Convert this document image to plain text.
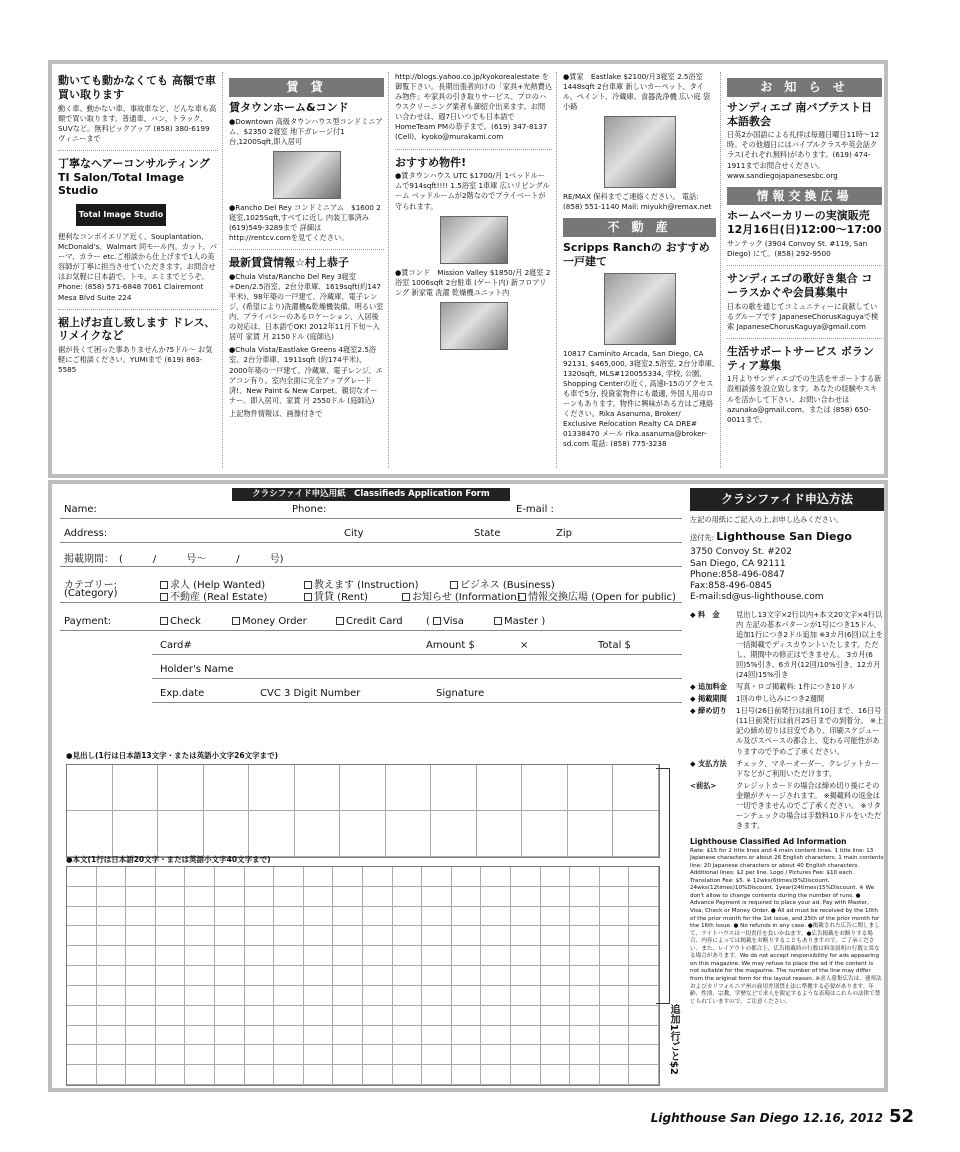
動いても動かなくても 高額で車買い取ります
動く車、動かない車、事故車など、どんな車も高額で買い取ります。普通車、バン、トラック、SUVなど。無料ピックアップ (858) 380-6199 ヴィニーまで
丁寧なヘアーコンサルティング TI Salon/Total Image Studio
Total Image Studio
便利なコンボイエリア近く、Souplantation、McDonald's、Walmart 同モール内。カット、パーマ、カラー etc.ご相談から仕上げまで1人の美容師が丁寧に担当させていただきます。お問合せはお気軽に日本語で。トモ、エミまでどうぞ。Phone: (858) 571-6848 7061 Clairemont Mesa Blvd Suite 224
裾上げお直し致します ドレス､リメイクなど
裾が長くて困った事ありませんか?5ドル〜 お気軽にご相談ください。YUMIまで (619) 863-5585
賃 貸
賃タウンホーム&コンド
●Downtown 高級タウンハウス型コンドミニアム、$2350 2寝室 地下ガレージ付1台,1200Sqft,即入居可
●Rancho Del Rey コンドミニアム　$1600 2寝室,1025Sqft,すべてに近し 内装工事済み　(619)549-3289まで 詳細は http://rentcv.comを見てください。
最新賃貸情報☆村上恭子
●Chula Vista/Rancho Del Rey 3寝室+Den/2.5浴室、2台分車庫、1619sqft(約147平米)、98年築の一戸建て、冷蔵庫、電子レンジ、(希望により)洗濯機&乾燥機装備、明るい室内、プライバシーのあるロケーション、入居後の対応は、日本語でOK! 2012年11月下旬〜入居可 家賃 月 2150ドル (庭師込)
●Chula Vista/Eastlake Greens 4寝室2.5浴室、2台分車庫、1911sqft (約174平米)、2000年築の一戸建て。冷蔵庫、電子レンジ、エアコン有り。室内全面に完全アップグレード済!、New Paint & New Carpet。親切なオーナー。即入居可、家賃 月 2550ドル (庭師込)
上記物件情報は、画像付きで
http://blogs.yahoo.co.jp/kyokorealestate を御覧下さい。長期出張者向けの「家具+光熱費込み物件」や家具の引き取りサービス、プロのハウスクリーニング業者も御紹介出来ます。お問い合わせは、週7日いつでも日本語でHomeTeam PMの恭子まで。(619) 347-8137 (Cell)、kyoko@murakami.com
おすすめ物件!
●賃タウンハウス UTC $1700/月 1ベッドルームで914sqft!!!! 1.5浴室 1車庫 広いリビングルーム ベッドルームが2階なのでプライベートが守られます。
●賃コンド　Mission Valley $1850/月 2寝室 2浴室 1006sqft 2台駐車 (ゲート内) 新フロアリング 新家電 洗濯 乾燥機ユニット内
●賃家　Eastlake $2100/月3寝室 2.5浴室 1448sqft 2台車庫 新しいカーペット、タイル、ペイント、冷蔵庫、食器洗浄機 広い庭 袋小路
RE/MAX 保科までご連絡ください。 電話: (858) 551-1140 Mail: miyukh@remax.net
不 動 産
Scripps Ranchの おすすめ一戸建て
10817 Caminito Arcada, San Diego, CA 92131, $465,000, 3寝室2.5浴室, 2台分車庫, 1320sqft, MLS#120055334, 学校, 公園, Shopping Centerの近く, 高速I-15のアクセスも車で5分, 投資家物件にも最適, 外国人用のローンもあります。物件に興味がある方はご連絡ください。Rika Asanuma, Broker/ Exclusive Relocation Realty CA DRE# 01338470 メール rika.asanuma@broker-sd.com 電話: (858) 775-3238
お 知 ら せ
サンディエゴ 南バプテスト日本語教会
日英2か国語による礼拝は毎週日曜日11時〜12時。その他週日にはバイブルクラスや英会話クラス(それぞれ無料)があります。(619) 474-1911までお問合せください。www.sandiegojapanesesbc.org
情報交換広場
ホームベーカリーの実演販売 12月16日(日)12:00〜17:00
サンテック (3904 Convoy St. #119, San Diego) にて。(858) 292-9500
サンディエゴの歌好き集合 コーラスかぐや会員募集中
日本の歌を通じてコミュニティーに貢献しているグループです JapaneseChorusKaguyaで検索 JapaneseChorusKaguya@gmail.com
生活サポートサービス ボランティア募集
1月よりサンディエゴでの生活をサポートする新設相談係を設立致します。あなたの経験やスキルを活かして下さい。お問い合わせは azunaka@gmail.com、または (858) 650-0011まで。
クラシファイド申込用紙　Classifieds Application Form
Name:	Phone:	E-mail :
Address:	City	State	Zip
掲載期間：　(　　　/　　　号〜　　　/　　　号)
カテゴリー:
(Category)
求人 (Help Wanted)	教えます (Instruction)	ビジネス (Business)
不動産 (Real Estate)	賃貸 (Rent)	お知らせ (Information) 情報交換広場 (Open for public)
Payment:	Check	Money Order	Credit Card ( Visa	Master )
Card#	Amount $	×	Total $
Holder's Name
Exp.date	CVC 3 Digit Number	Signature
●見出し(1行は日本語13文字・または英語小文字26文字まで)
●本文(1行は日本語20文字・または英語小文字40文字まで)
追加1行ごと$2
クラシファイド申込方法
左記の用紙にご記入の上,お申し込みください。
送付先: Lighthouse San Diego
3750 Convoy St. #202
San Diego, CA 92111
Phone:858-496-0847
Fax:858-496-0845
E-mail:sd@us-lighthouse.com
◆ 料　金	見出し13文字×2行以内+本文20文字×4行以内 左記の基本パターンが1号につき15ドル、追加1行につき2ドル追加 ※3カ月(6回)以上を一括掲載でディスカウントいたします。ただし、期間中の修正はできません。 3カ月(6回)5%引き、6カ月(12回)10%引き、12カ月(24回)15%引き
◆ 追加料金	写真・ロゴ掲載料: 1件につき10ドル
◆ 掲載期間	1回の申し込みにつき2週間
◆ 締め切り	1日号(26日前発行)は前月10日まで、16日号(11日前発行)は前月25日までの到着分。 ※上記の締め切りは目安であり、印刷スケジュール及びスペースの都合上、変わる可能性がありますので予めご了承ください。
◆ 支払方法	チェック、マネーオーダー、クレジットカードなどがご利用いただけます。
<前払>	クレジットカードの場合は締め切り後にその金額がチャージされます。 ※掲載料の返金は一切できませんのでご了承ください。 ※リターンチェックの場合は手数料10ドルをいただきます。
Lighthouse Classified Ad Information
Rate: $15 for 2 title lines and 4 main content lines. 1 title line: 13 Japanese characters or about 26 English characters. 1 main contents line: 20 Japanese characters or about 40 English characters. Additional lines: $2 per line. Logo / Pictures Fee: $10 each. Translation Fee: $5. ※ 12wks(6times)5%Discount, 24wks(12times)10%Discount, 1year(24times)15%Discount. ※ We don't allow to change contents during the number of runs. ● Advance Payment is required to place your ad. Pay with Master, Visa, Check or Money Order. ● All ad must be received by the 10th of the prior month for the 1st issue, and 25th of the prior month for the 16th issue. ● No refunds in any case. ●掲載された広告に関しまして、ライトハウスは一切責任を負いかねます。●広告掲載をお断りする場合、内容によっては掲載をお断りすることもありますので、ご了承ください。また、レイアウトの都合上、広告掲載時の行数は料金説明の行数と異なる場合があります。We do not accept responsibility for ads appearing on this magazine. We may refuse to place the ad if the content is not suitable for the magazine. The number of the line may differ from the original form for the layout reason. ※求人募集広告は、連邦法およびカリフォルニア州の雇用差別禁止法に準拠する必要があります。年齢、性別、宗教、学歴などで求人を限定するような表現はこれらの法律で禁じられていますので、ご注意ください。
Lighthouse San Diego 12.16, 2012 52
